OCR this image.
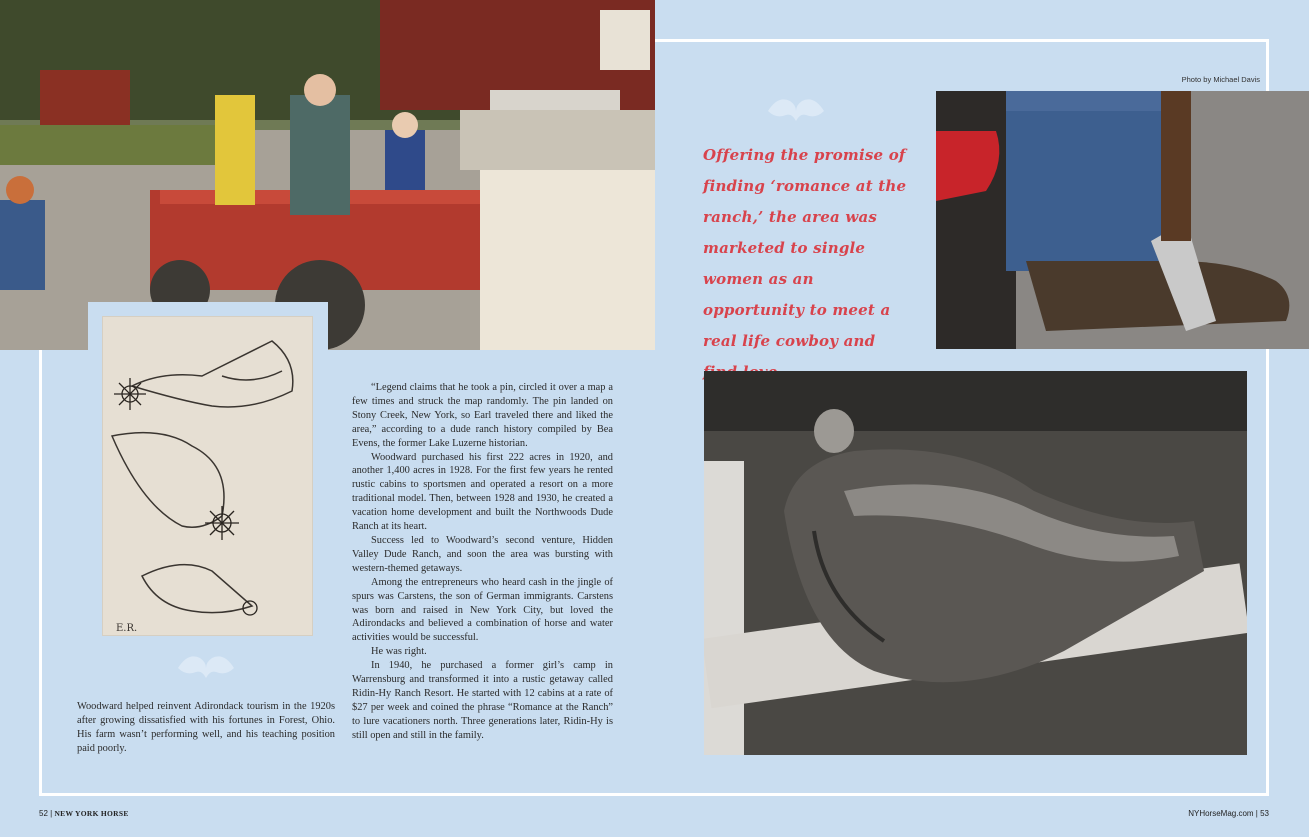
E.R.
Photo by Michael Davis
Offering the promise of finding ‘romance at the ranch,’ the area was marketed to single women as an opportunity to meet a real life cowboy and

“Legend claims that he took a pin, circled it over a map a few times and struck the map randomly. The pin landed on Stony Creek, New York, so Earl traveled there and liked the area,” according to a dude ranch history compiled by Bea Evens, the former Lake Luzerne historian.

Woodward purchased his first 222 acres in 1920, and another 1,400 acres in 1928. For the first few years he rented rustic cabins to sportsmen and operated a resort on a more traditional model. Then, between 1928 and 1930, he created a vacation home development and built the Northwoods Dude Ranch at its heart.

Success led to Woodward’s second venture, Hidden Valley Dude Ranch, and soon the area was bursting with western-themed getaways.

Among the entrepreneurs who heard cash in the jingle of spurs was Carstens, the son of German immigrants. Carstens was born and raised in New York City, but loved the Adirondacks and believed a combination of horse and water activities would be successful.

He was right.

In 1940, he purchased a former girl’s camp in Warrensburg and transformed it into a rustic getaway called Ridin-Hy Ranch Resort. He started with 12 cabins at a rate of $27 per week and coined the phrase “Romance at the Ranch” to lure vacationers north. Three generations later, Ridin-Hy is still open and still in the family.

Woodward helped reinvent Adirondack tourism in the 1920s after growing dissatisfied with his fortunes in Forest, Ohio. His farm wasn’t performing well, and his teaching position paid poorly.

52 | NEW YORK HORSE	NYHorseMag.com | 53
